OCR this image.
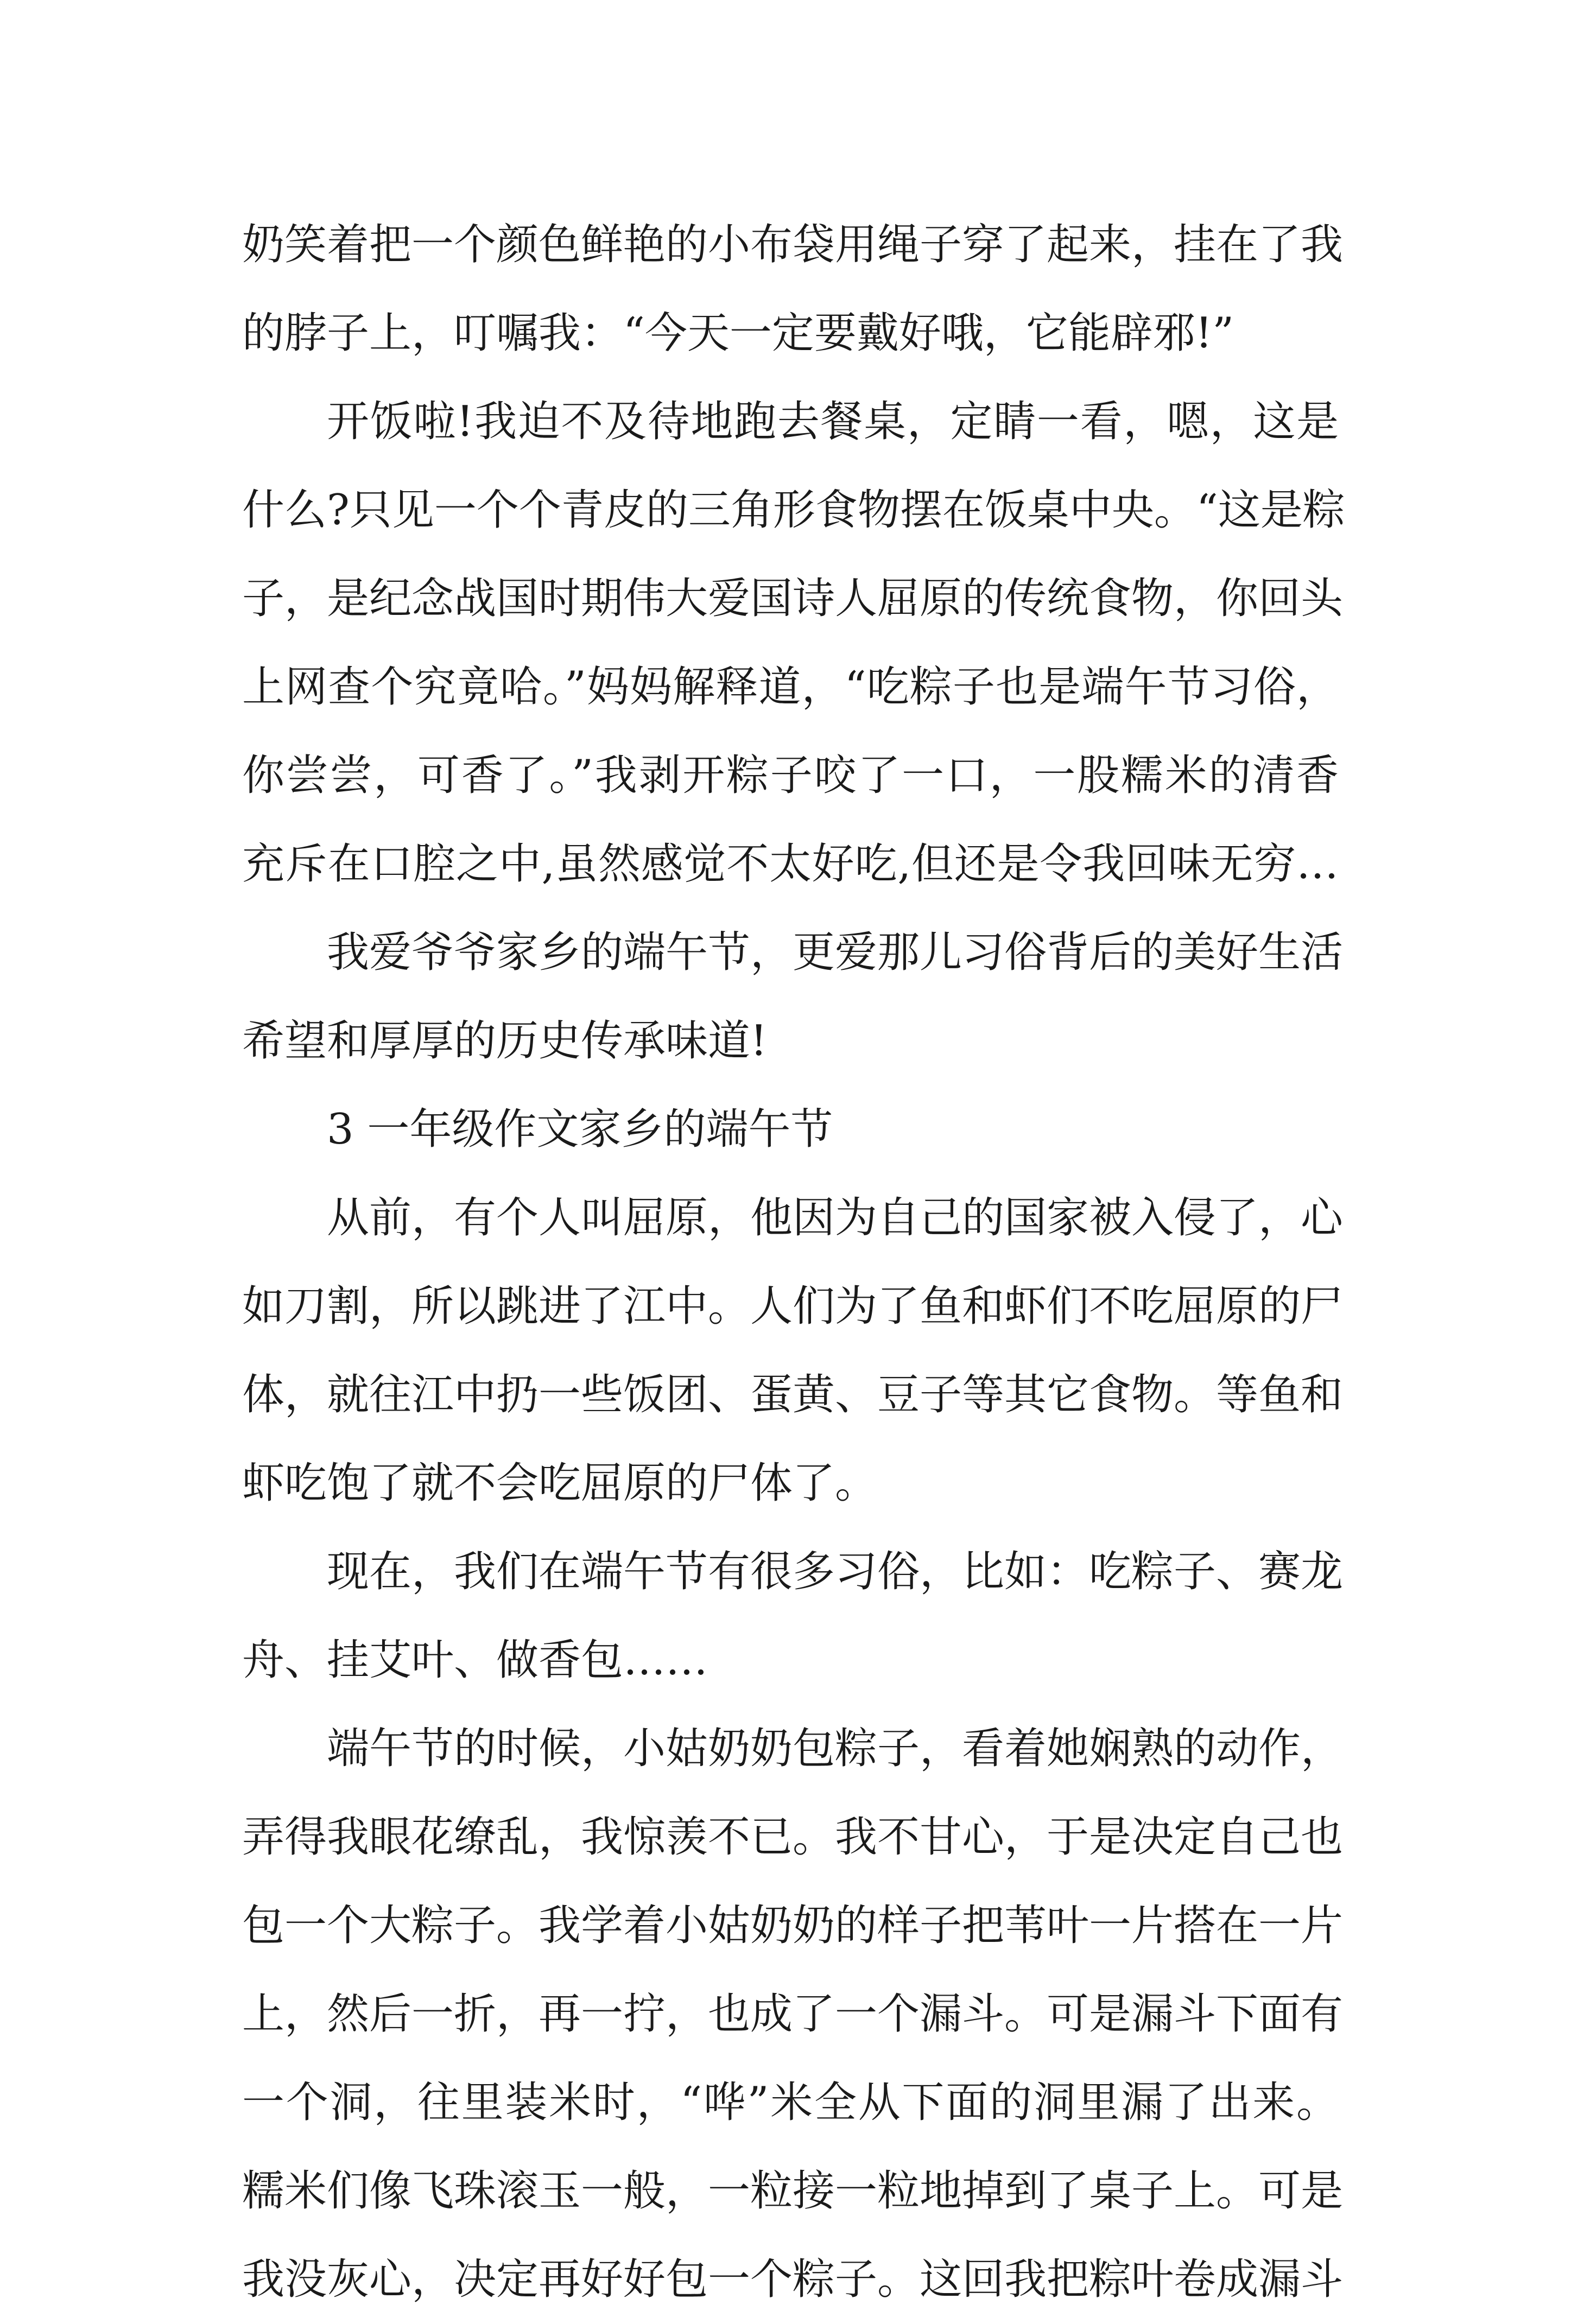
奶笑着把一个颜色鲜艳的小布袋用绳子穿了起来，挂在了我
的脖子上，叮嘱我：“今天一定要戴好哦，它能辟邪!”
开饭啦!我迫不及待地跑去餐桌，定睛一看，嗯，这是
什么?只见一个个青皮的三角形食物摆在饭桌中央。“这是粽
子，是纪念战国时期伟大爱国诗人屈原的传统食物，你回头
上网查个究竟哈。”妈妈解释道，“吃粽子也是端午节习俗，
你尝尝，可香了。”我剥开粽子咬了一口，一股糯米的清香
充斥在口腔之中,虽然感觉不太好吃,但还是令我回味无穷…
我爱爷爷家乡的端午节，更爱那儿习俗背后的美好生活
希望和厚厚的历史传承味道!
3 一年级作文家乡的端午节
从前，有个人叫屈原，他因为自己的国家被入侵了，心
如刀割，所以跳进了江中。人们为了鱼和虾们不吃屈原的尸
体，就往江中扔一些饭团、蛋黄、豆子等其它食物。等鱼和
虾吃饱了就不会吃屈原的尸体了。
现在，我们在端午节有很多习俗，比如：吃粽子、赛龙
舟、挂艾叶、做香包……
端午节的时候，小姑奶奶包粽子，看着她娴熟的动作，
弄得我眼花缭乱，我惊羡不已。我不甘心，于是决定自己也
包一个大粽子。我学着小姑奶奶的样子把苇叶一片搭在一片
上，然后一折，再一拧，也成了一个漏斗。可是漏斗下面有
一个洞，往里装米时，“哗”米全从下面的洞里漏了出来。
糯米们像飞珠滚玉一般，一粒接一粒地掉到了桌子上。可是
我没灰心，决定再好好包一个粽子。这回我把粽叶卷成漏斗
